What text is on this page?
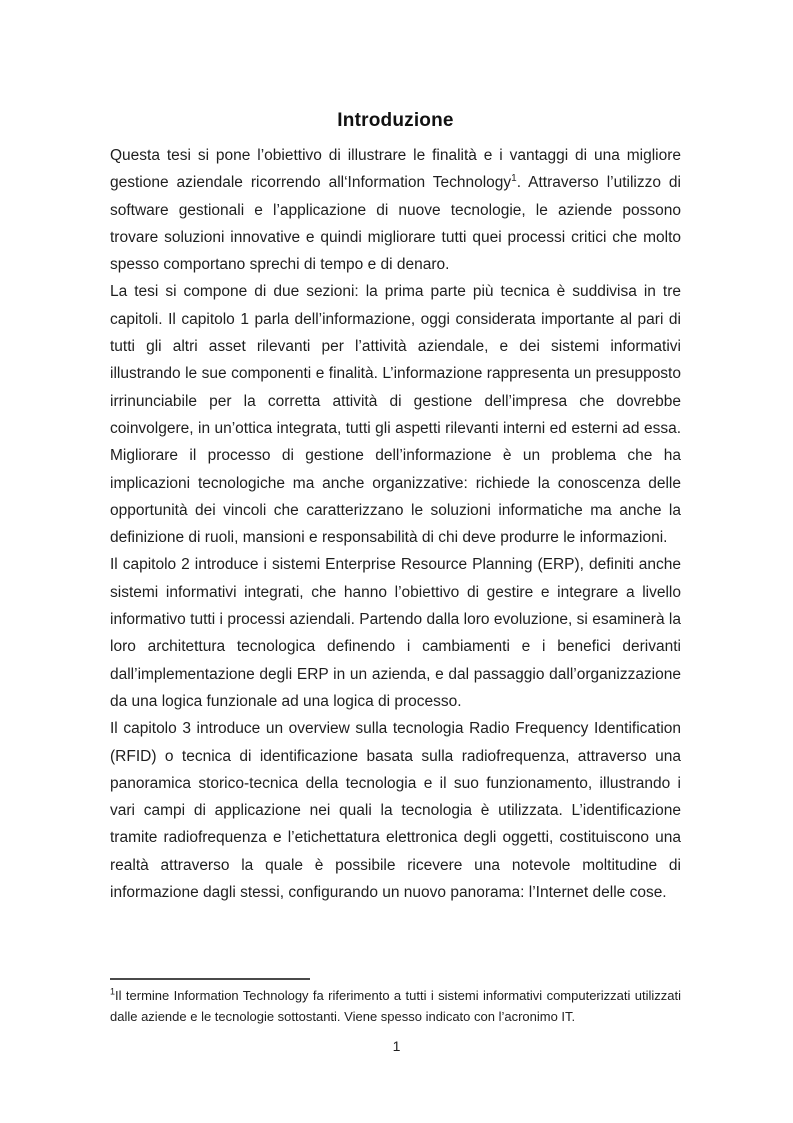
Introduzione

Questa tesi si pone l’obiettivo di illustrare le finalità e i vantaggi di una migliore gestione aziendale ricorrendo all‘Information Technology$^1$. Attraverso l’utilizzo di software gestionali e l’applicazione di nuove tecnologie, le aziende possono trovare soluzioni innovative e quindi migliorare tutti quei processi critici che molto spesso comportano sprechi di tempo e di denaro.

La tesi si compone di due sezioni: la prima parte più tecnica è suddivisa in tre capitoli. Il capitolo 1 parla dell’informazione, oggi considerata importante al pari di tutti gli altri asset rilevanti per l’attività aziendale, e dei sistemi informativi illustrando le sue componenti e finalità. L’informazione rappresenta un presupposto irrinunciabile per la corretta attività di gestione dell’impresa che dovrebbe coinvolgere, in un’ottica integrata, tutti gli aspetti rilevanti interni ed esterni ad essa. Migliorare il processo di gestione dell’informazione è un problema che ha implicazioni tecnologiche ma anche organizzative: richiede la conoscenza delle opportunità dei vincoli che caratterizzano le soluzioni informatiche ma anche la definizione di ruoli, mansioni e responsabilità di chi deve produrre le informazioni.

Il capitolo 2 introduce i sistemi Enterprise Resource Planning (ERP), definiti anche sistemi informativi integrati, che hanno l’obiettivo di gestire e integrare a livello informativo tutti i processi aziendali. Partendo dalla loro evoluzione, si esaminerà la loro architettura tecnologica definendo i cambiamenti e i benefici derivanti dall’implementazione degli ERP in un azienda, e dal passaggio dall’organizzazione da una logica funzionale ad una logica di processo.

Il capitolo 3 introduce un overview sulla tecnologia Radio Frequency Identification (RFID) o tecnica di identificazione basata sulla radiofrequenza, attraverso una panoramica storico-tecnica della tecnologia e il suo funzionamento, illustrando i vari campi di applicazione nei quali la tecnologia è utilizzata. L’identificazione tramite radiofrequenza e l’etichettatura elettronica degli oggetti, costituiscono una realtà attraverso la quale è possibile ricevere una notevole moltitudine di informazione dagli stessi, configurando un nuovo panorama: l’Internet delle cose.

$^1$Il termine Information Technology fa riferimento a tutti i sistemi informativi computerizzati utilizzati dalle aziende e le tecnologie sottostanti. Viene spesso indicato con l’acronimo IT.

1
